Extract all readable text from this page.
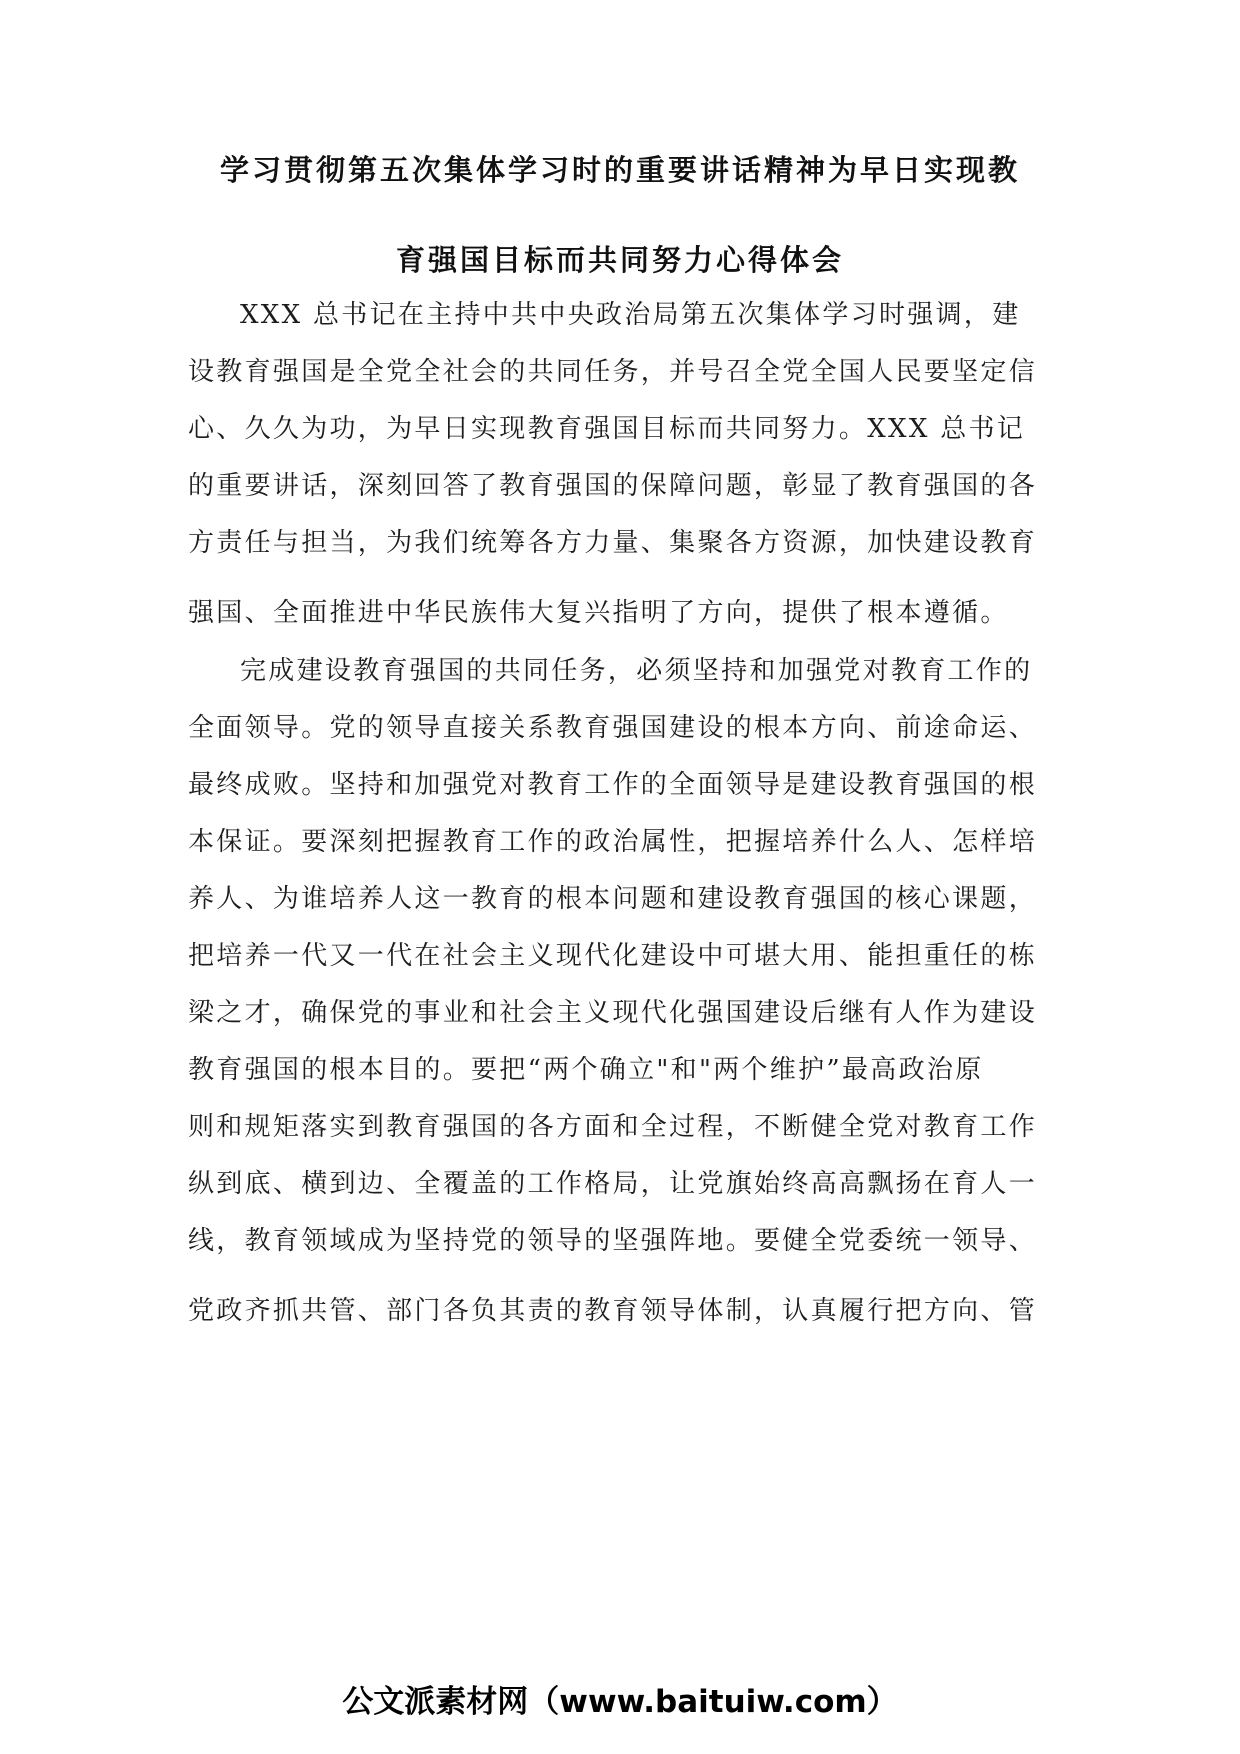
学习贯彻第五次集体学习时的重要讲话精神为早日实现教
育强国目标而共同努力心得体会
XXX 总书记在主持中共中央政治局第五次集体学习时强调，建
设教育强国是全党全社会的共同任务，并号召全党全国人民要坚定信
心、久久为功，为早日实现教育强国目标而共同努力。XXX 总书记
的重要讲话，深刻回答了教育强国的保障问题，彰显了教育强国的各
方责任与担当，为我们统筹各方力量、集聚各方资源，加快建设教育
强国、全面推进中华民族伟大复兴指明了方向，提供了根本遵循。
完成建设教育强国的共同任务，必须坚持和加强党对教育工作的
全面领导。党的领导直接关系教育强国建设的根本方向、前途命运、
最终成败。坚持和加强党对教育工作的全面领导是建设教育强国的根
本保证。要深刻把握教育工作的政治属性，把握培养什么人、怎样培
养人、为谁培养人这一教育的根本问题和建设教育强国的核心课题，
把培养一代又一代在社会主义现代化建设中可堪大用、能担重任的栋
梁之才，确保党的事业和社会主义现代化强国建设后继有人作为建设
教育强国的根本目的。要把“两个确立"和"两个维护”最高政治原
则和规矩落实到教育强国的各方面和全过程，不断健全党对教育工作
纵到底、横到边、全覆盖的工作格局，让党旗始终高高飘扬在育人一
线，教育领域成为坚持党的领导的坚强阵地。要健全党委统一领导、
党政齐抓共管、部门各负其责的教育领导体制，认真履行把方向、管
公文派素材网（www.baituiw.com）
